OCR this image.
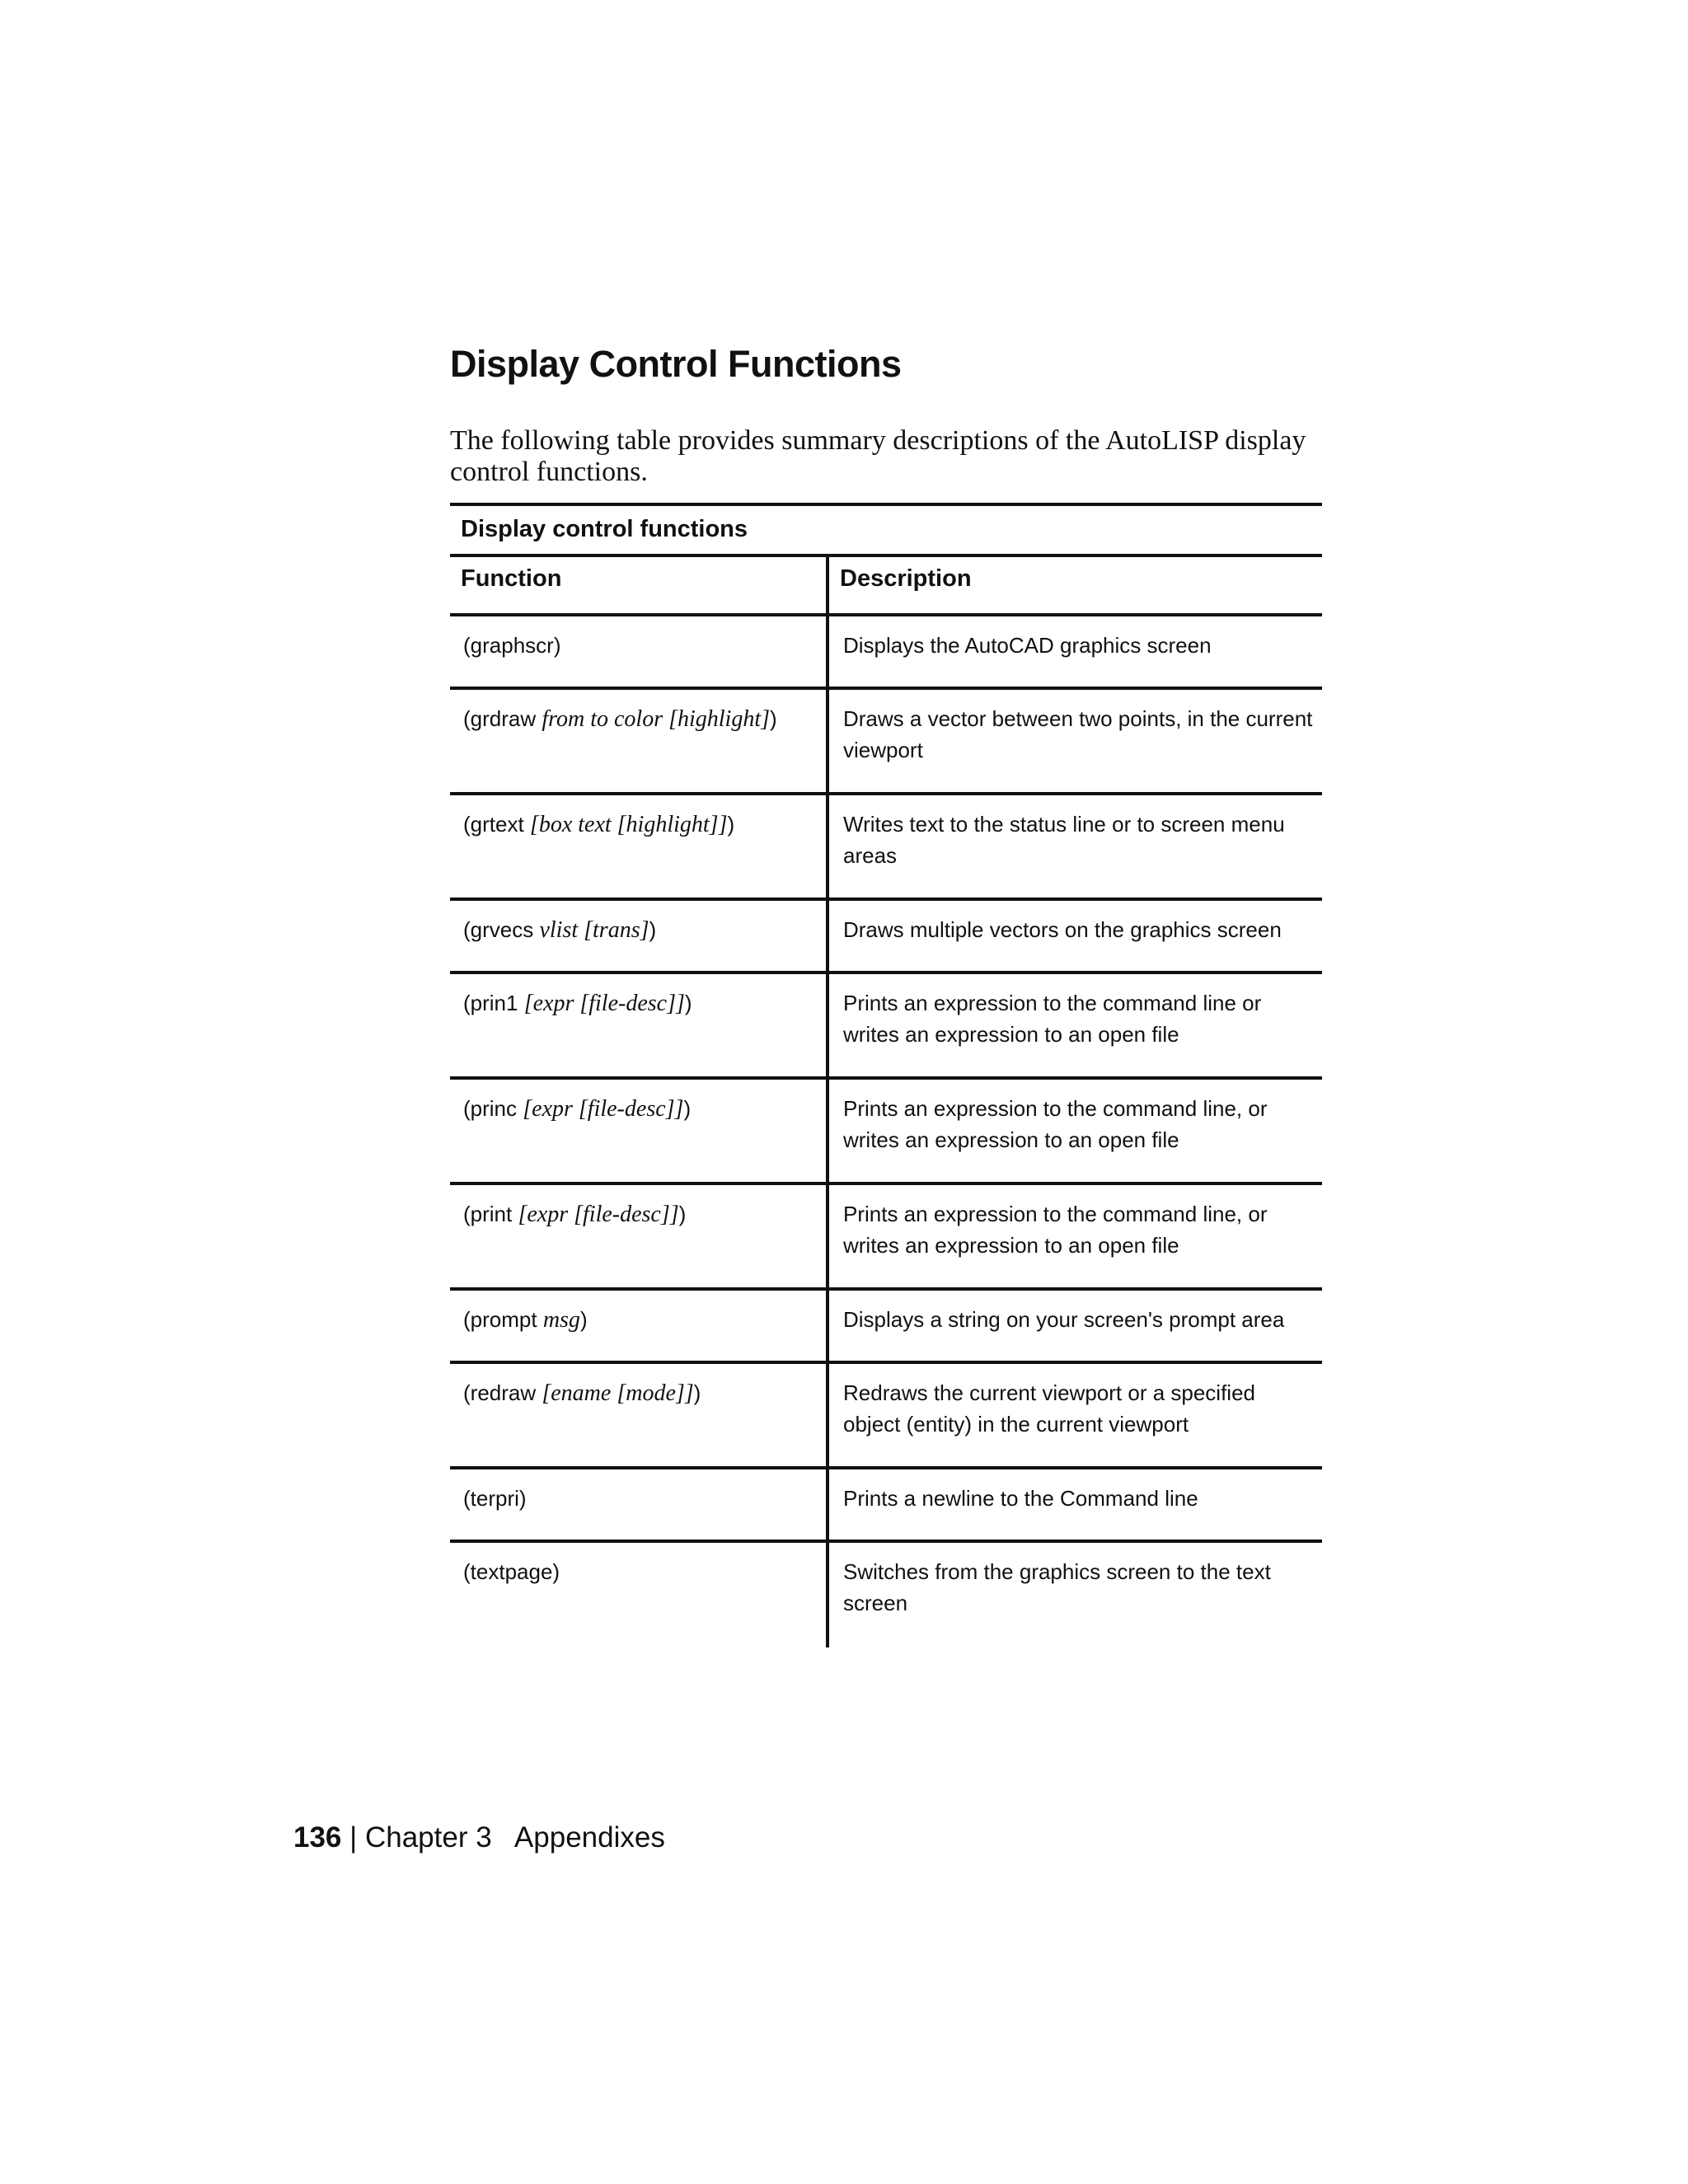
Display Control Functions

The following table provides summary descriptions of the AutoLISP display control functions.

Display control functions
Function	Description
(graphscr)	Displays the AutoCAD graphics screen
(grdraw from to color [highlight])	Draws a vector between two points, in the current viewport
(grtext [box text [highlight]])	Writes text to the status line or to screen menu areas
(grvecs vlist [trans])	Draws multiple vectors on the graphics screen
(prin1 [expr [file-desc]])	Prints an expression to the command line or writes an expression to an open file
(princ [expr [file-desc]])	Prints an expression to the command line, or writes an expression to an open file
(print [expr [file-desc]])	Prints an expression to the command line, or writes an expression to an open file
(prompt msg)	Displays a string on your screen's prompt area
(redraw [ename [mode]])	Redraws the current viewport or a specified object (entity) in the current viewport
(terpri)	Prints a newline to the Command line
(textpage)	Switches from the graphics screen to the text screen
136 | Chapter 3 Appendixes
